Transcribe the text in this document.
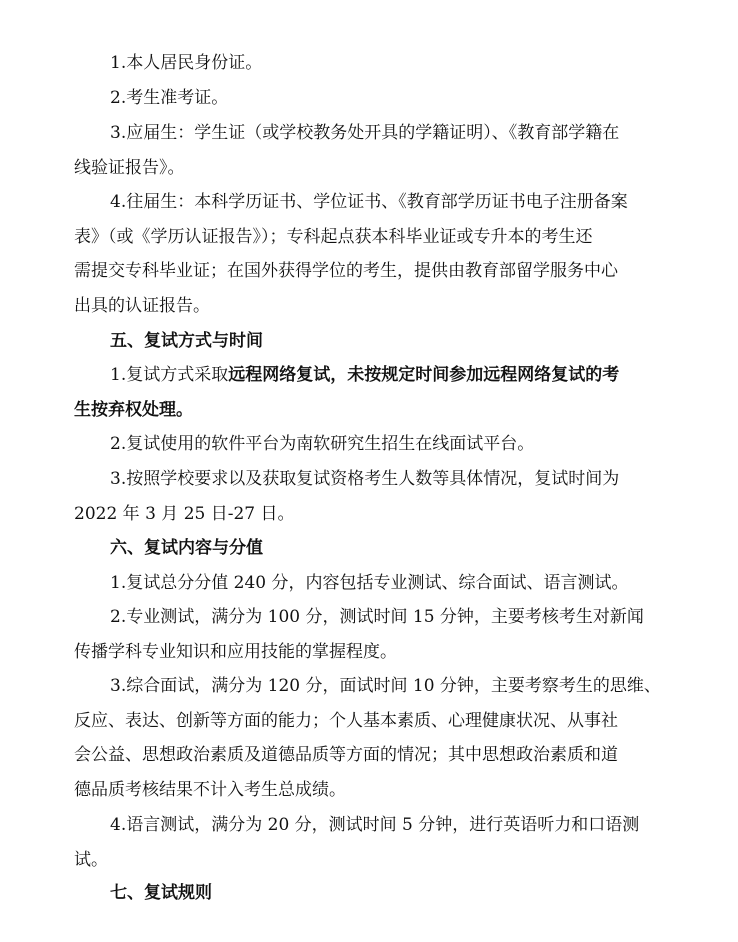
1.本人居民身份证。

2.考生准考证。

3.应届生：学生证（或学校教务处开具的学籍证明）、《教育部学籍在
线验证报告》。

4.往届生：本科学历证书、学位证书、《教育部学历证书电子注册备案
表》（或《学历认证报告》）；专科起点获本科毕业证或专升本的考生还
需提交专科毕业证；在国外获得学位的考生，提供由教育部留学服务中心
出具的认证报告。

五、复试方式与时间

1.复试方式采取远程网络复试，未按规定时间参加远程网络复试的考
生按弃权处理。

2.复试使用的软件平台为南软研究生招生在线面试平台。

3.按照学校要求以及获取复试资格考生人数等具体情况，复试时间为
2022 年 3 月 25 日-27 日。

六、复试内容与分值

1.复试总分分值 240 分，内容包括专业测试、综合面试、语言测试。

2.专业测试，满分为 100 分，测试时间 15 分钟，主要考核考生对新闻
传播学科专业知识和应用技能的掌握程度。

3.综合面试，满分为 120 分，面试时间 10 分钟，主要考察考生的思维、
反应、表达、创新等方面的能力；个人基本素质、心理健康状况、从事社
会公益、思想政治素质及道德品质等方面的情况；其中思想政治素质和道
德品质考核结果不计入考生总成绩。

4.语言测试，满分为 20 分，测试时间 5 分钟，进行英语听力和口语测
试。

七、复试规则
